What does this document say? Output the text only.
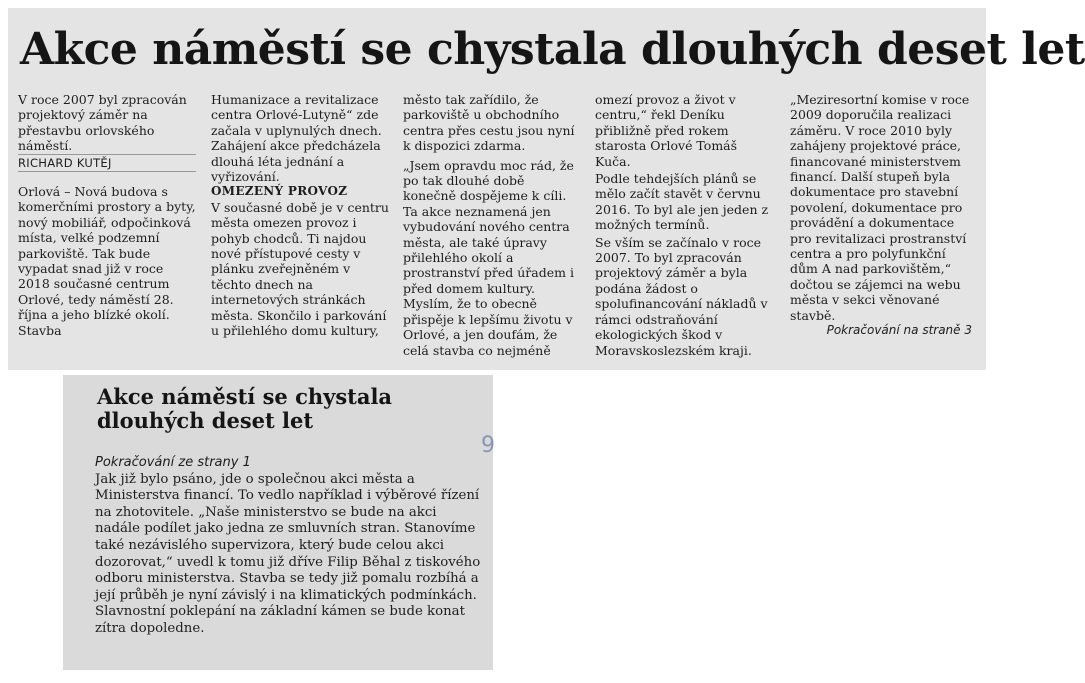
Akce náměstí se chystala dlouhých deset let

V roce 2007 byl zpracován projektový záměr na přestavbu orlovského náměstí.

RICHARD KUTĚJ

Orlová – Nová budova s komerčními prostory a byty, nový mobiliář, odpočinková místa, velké podzemní parkoviště. Tak bude vypadat snad již v roce 2018 současné centrum Orlové, tedy náměstí 28. října a jeho blízké okolí. Stavba

Humanizace a revitalizace centra Orlové-Lutyně“ zde začala v uplynulých dnech. Zahájení akce předcházela dlouhá léta jednání a vyřizování.

OMEZENÝ PROVOZ

V současné době je v centru města omezen provoz i pohyb chodců. Ti najdou nové přístupové cesty v plánku zveřejněném v těchto dnech na internetových stránkách města. Skončilo i parkování u přilehlého domu kultury,

město tak zařídilo, že parkoviště u obchodního centra přes cestu jsou nyní k dispozici zdarma.

„Jsem opravdu moc rád, že po tak dlouhé době konečně dospějeme k cíli. Ta akce neznamená jen vybudování nového centra města, ale také úpravy přilehlého okolí a prostranství před úřadem i před domem kultury. Myslím, že to obecně přispěje k lepšímu životu v Orlové, a jen doufám, že celá stavba co nejméně

omezí provoz a život v centru,“ řekl Deníku přibližně před rokem starosta Orlové Tomáš Kuča.

Podle tehdejších plánů se mělo začít stavět v červnu 2016. To byl ale jen jeden z možných termínů.

Se vším se začínalo v roce 2007. To byl zpracován projektový záměr a byla podána žádost o spolufinancování nákladů v rámci odstraňování ekologických škod v Moravskoslezském kraji.

„Meziresortní komise v roce 2009 doporučila realizaci záměru. V roce 2010 byly zahájeny projektové práce, financované ministerstvem financí. Další stupeň byla dokumentace pro stavební povolení, dokumentace pro provádění a dokumentace pro revitalizaci prostranství centra a pro polyfunkční dům A nad parkovištěm,“ dočtou se zájemci na webu města v sekci věnované stavbě.

Pokračování na straně 3

Akce náměstí se chystala dlouhých deset let
9

Pokračování ze strany 1

Jak již bylo psáno, jde o společnou akci města a Ministerstva financí. To vedlo například i výběrové řízení na zhotovitele. „Naše ministerstvo se bude na akci nadále podílet jako jedna ze smluvních stran. Stanovíme také nezávislého supervizora, který bude celou akci dozorovat,“ uvedl k tomu již dříve Filip Běhal z tiskového odboru ministerstva. Stavba se tedy již pomalu rozbíhá a její průběh je nyní závislý i na klimatických podmínkách. Slavnostní poklepání na základní kámen se bude konat zítra dopoledne.
